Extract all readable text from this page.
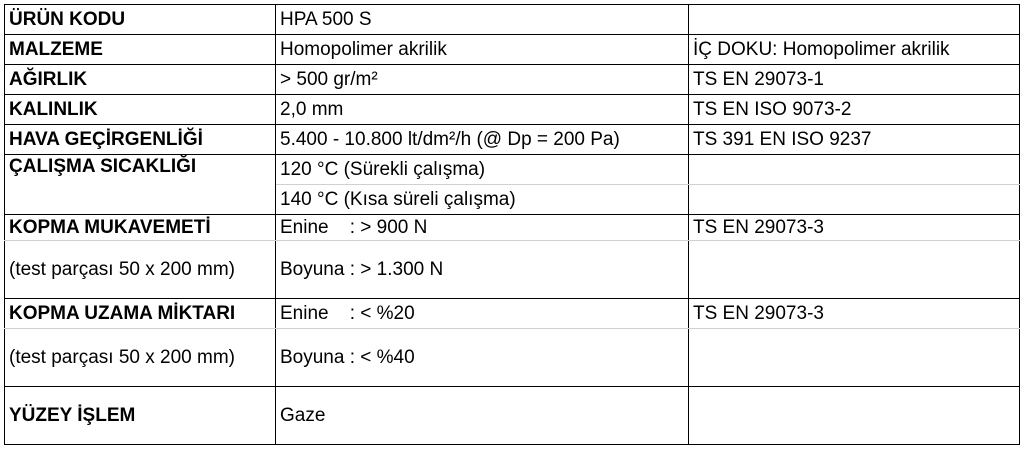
ÜRÜN KODU	HPA 500 S	
MALZEME	Homopolimer akrilik	İÇ DOKU: Homopolimer akrilik
AĞIRLIK	> 500 gr/m²	TS EN 29073-1
KALINLIK	2,0 mm	TS EN ISO 9073-2
HAVA GEÇİRGENLİĞİ	5.400 - 10.800 lt/dm²/h (@ Dp = 200 Pa)	TS 391 EN ISO 9237
ÇALIŞMA SICAKLIĞI	120 °C (Sürekli çalışma)	
	140 °C (Kısa süreli çalışma)	
KOPMA MUKAVEMETİ	Enine    : > 900 N	TS EN 29073-3
(test parçası 50 x 200 mm)	Boyuna : > 1.300 N	
KOPMA UZAMA MİKTARI	Enine    : < %20	TS EN 29073-3
(test parçası 50 x 200 mm)	Boyuna : < %40	
YÜZEY İŞLEM	Gaze	
